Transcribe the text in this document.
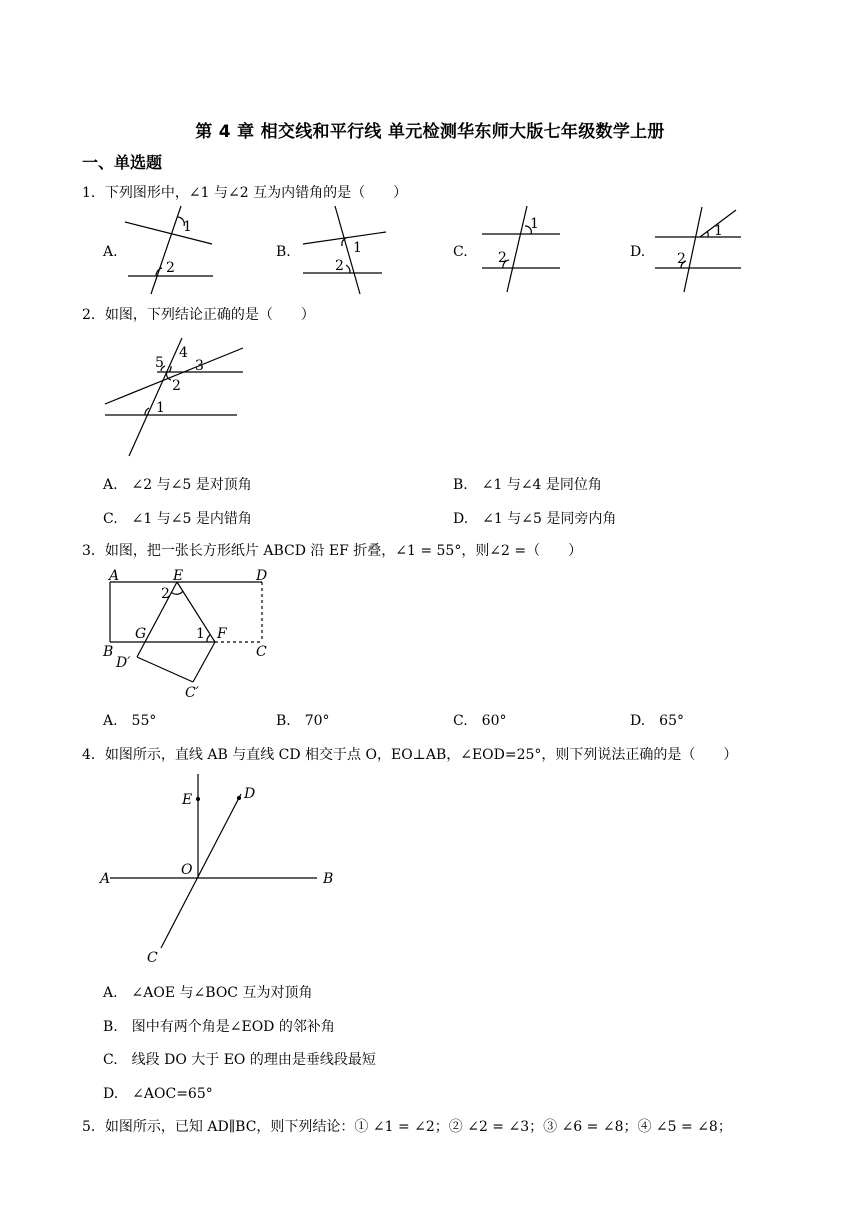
第 4 章 相交线和平行线 单元检测华东师大版七年级数学上册
一、单选题
1．下列图形中，∠1 与∠2 互为内错角的是（　　）
A.	B.	C.	D.
1
2
1
2
1
2
1
2
2．如图，下列结论正确的是（　　）
5
4
3
2
1
A.　∠2 与∠5 是对顶角	B.　∠1 与∠4 是同位角
C.　∠1 与∠5 是内错角	D.　∠1 与∠5 是同旁内角
3．如图，把一张长方形纸片 ABCD 沿 EF 折叠，∠1 = 55°，则∠2 =（　　）
A	E	D
2
G	1 F
B	C
D′
C′
A.　55°	B.　70°	C.　60°	D.　65°
4．如图所示，直线 AB 与直线 CD 相交于点 O，EO⊥AB，∠EOD=25°，则下列说法正确的是（　　）
E	D
O
A	B
C
A.　∠AOE 与∠BOC 互为对顶角
B.　图中有两个角是∠EOD 的邻补角
C.　线段 DO 大于 EO 的理由是垂线段最短
D.　∠AOC=65°
5．如图所示，已知 AD∥BC，则下列结论：① ∠1 = ∠2；② ∠2 = ∠3；③ ∠6 = ∠8；④ ∠5 = ∠8；
